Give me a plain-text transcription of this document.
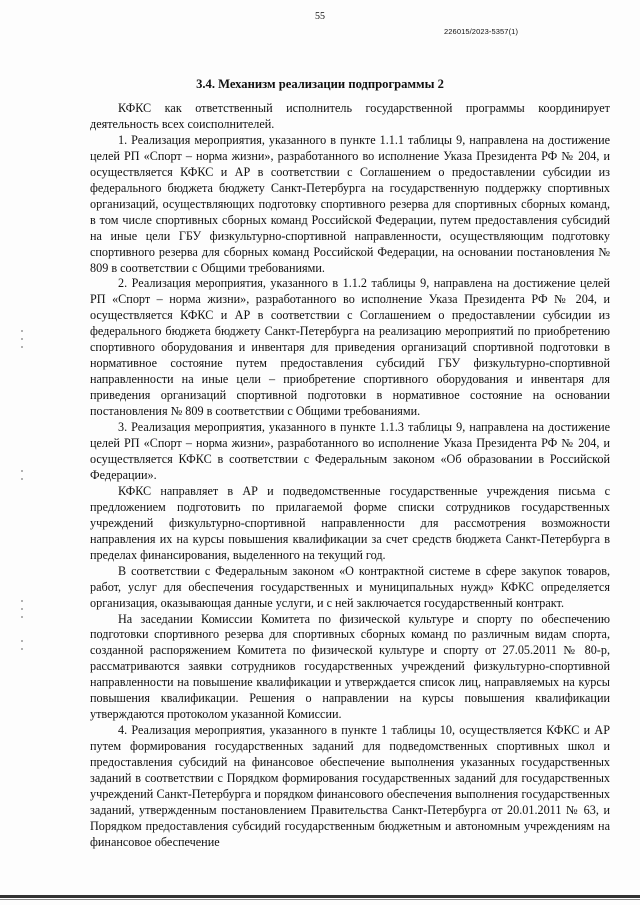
55
226015/2023-5357(1)
3.4. Механизм реализации подпрограммы 2

КФКС как ответственный исполнитель государственной программы координирует деятельность всех соисполнителей.

1. Реализация мероприятия, указанного в пункте 1.1.1 таблицы 9, направлена на достижение целей РП «Спорт – норма жизни», разработанного во исполнение Указа Президента РФ № 204, и осуществляется КФКС и АР в соответствии с Соглашением о предоставлении субсидии из федерального бюджета бюджету Санкт-Петербурга на государственную поддержку спортивных организаций, осуществляющих подготовку спортивного резерва для спортивных сборных команд, в том числе спортивных сборных команд Российской Федерации, путем предоставления субсидий на иные цели ГБУ физкультурно-спортивной направленности, осуществляющим подготовку спортивного резерва для сборных команд Российской Федерации, на основании постановления № 809 в соответствии с Общими требованиями.

2. Реализация мероприятия, указанного в 1.1.2 таблицы 9, направлена на достижение целей РП «Спорт – норма жизни», разработанного во исполнение Указа Президента РФ № 204, и осуществляется КФКС и АР в соответствии с Соглашением о предоставлении субсидии из федерального бюджета бюджету Санкт-Петербурга на реализацию мероприятий по приобретению спортивного оборудования и инвентаря для приведения организаций спортивной подготовки в нормативное состояние путем предоставления субсидий ГБУ физкультурно-спортивной направленности на иные цели – приобретение спортивного оборудования и инвентаря для приведения организаций спортивной подготовки в нормативное состояние на основании постановления № 809 в соответствии с Общими требованиями.

3. Реализация мероприятия, указанного в пункте 1.1.3 таблицы 9, направлена на достижение целей РП «Спорт – норма жизни», разработанного во исполнение Указа Президента РФ № 204, и осуществляется КФКС в соответствии с Федеральным законом «Об образовании в Российской Федерации».

КФКС направляет в АР и подведомственные государственные учреждения письма с предложением подготовить по прилагаемой форме списки сотрудников государственных учреждений физкультурно-спортивной направленности для рассмотрения возможности направления их на курсы повышения квалификации за счет средств бюджета Санкт-Петербурга в пределах финансирования, выделенного на текущий год.

В соответствии с Федеральным законом «О контрактной системе в сфере закупок товаров, работ, услуг для обеспечения государственных и муниципальных нужд» КФКС определяется организация, оказывающая данные услуги, и с ней заключается государственный контракт.

На заседании Комиссии Комитета по физической культуре и спорту по обеспечению подготовки спортивного резерва для спортивных сборных команд по различным видам спорта, созданной распоряжением Комитета по физической культуре и спорту от 27.05.2011 № 80-р, рассматриваются заявки сотрудников государственных учреждений физкультурно-спортивной направленности на повышение квалификации и утверждается список лиц, направляемых на курсы повышения квалификации. Решения о направлении на курсы повышения квалификации утверждаются протоколом указанной Комиссии.

4. Реализация мероприятия, указанного в пункте 1 таблицы 10, осуществляется КФКС и АР путем формирования государственных заданий для подведомственных спортивных школ и предоставления субсидий на финансовое обеспечение выполнения указанных государственных заданий в соответствии с Порядком формирования государственных заданий для государственных учреждений Санкт-Петербурга и порядком финансового обеспечения выполнения государственных заданий, утвержденным постановлением Правительства Санкт-Петербурга от 20.01.2011 № 63, и Порядком предоставления субсидий государственным бюджетным и автономным учреждениям на финансовое обеспечение
